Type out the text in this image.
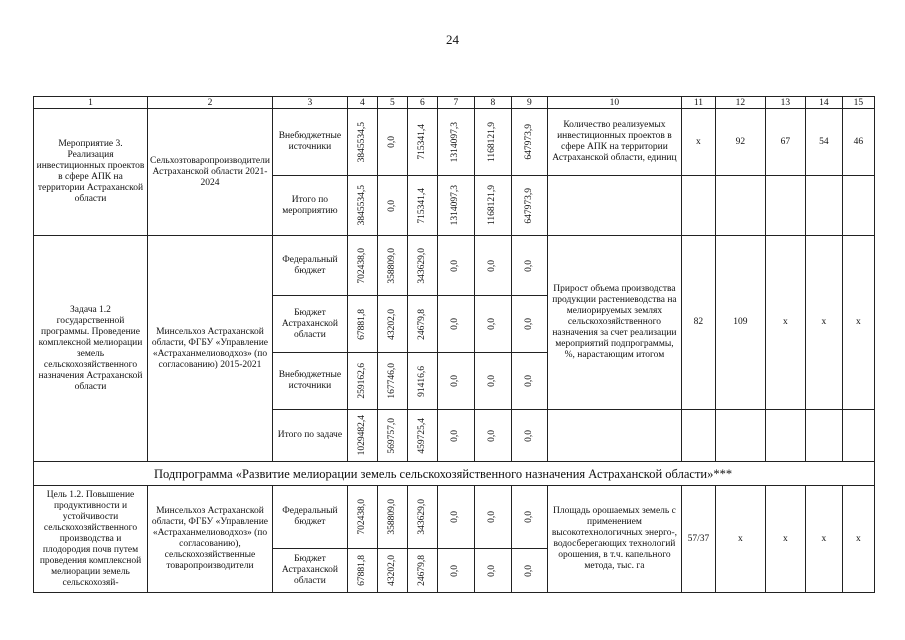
24
1	2	3	4	5	6	7	8	9	10	11	12	13	14	15
Мероприятие 3. Реализация инвестиционных проектов в сфере АПК на территории Астраханской области	Сельхозтоваропроизводители Астраханской области 2021-2024	Внебюджетные источники	3845534,5	0,0	715341,4	1314097,3	1168121,9	647973,9	Количество реализуемых инвестиционных проектов в сфере АПК на территории Астраханской области, единиц	x	92	67	54	46
		Итого по мероприятию	3845534,5	0,0	715341,4	1314097,3	1168121,9	647973,9						

Задача 1.2 государственной программы. Проведение комплексной мелиорации земель сельскохозяйственного назначения Астраханской области	Минсельхоз Астраханской области, ФГБУ «Управление «Астраханмелиоводхоз» (по согласованию) 2015-2021	Федеральный бюджет	702438,0	358809,0	343629,0	0,0	0,0	0,0	Прирост объема производства продукции растениеводства на мелиорируемых землях сельскохозяйственного назначения за счет реализации мероприятий подпрограммы, %, нарастающим итогом	82	109	x	x	x
		Бюджет Астраханской области	67881,8	43202,0	24679,8	0,0	0,0	0,0						

		Внебюджетные источники	259162,6	167746,0	91416,6	0,0	0,0	0,0						

		Итого по задаче	1029482,4	569757,0	459725,4	0,0	0,0	0,0						

Подпрограмма «Развитие мелиорации земель сельскохозяйственного назначения Астраханской области»***														
Цель 1.2. Повышение продуктивности и устойчивости сельскохозяйственного производства и плодородия почв путем проведения комплексной мелиорации земель сельскохозяй-	Минсельхоз Астраханской области, ФГБУ «Управление «Астраханмелиоводхоз» (по согласованию), сельскохозяйственные товаропроизводители	Федеральный бюджет	702438,0	358809,0	343629,0	0,0	0,0	0,0	Площадь орошаемых земель с применением высокотехнологичных энерго-, водосберегающих технологий орошения, в т.ч. капельного метода, тыс. га	57/37	x	x	x	x
		Бюджет Астраханской области	67881,8	43202,0	24679,8	0,0	0,0	0,0						
